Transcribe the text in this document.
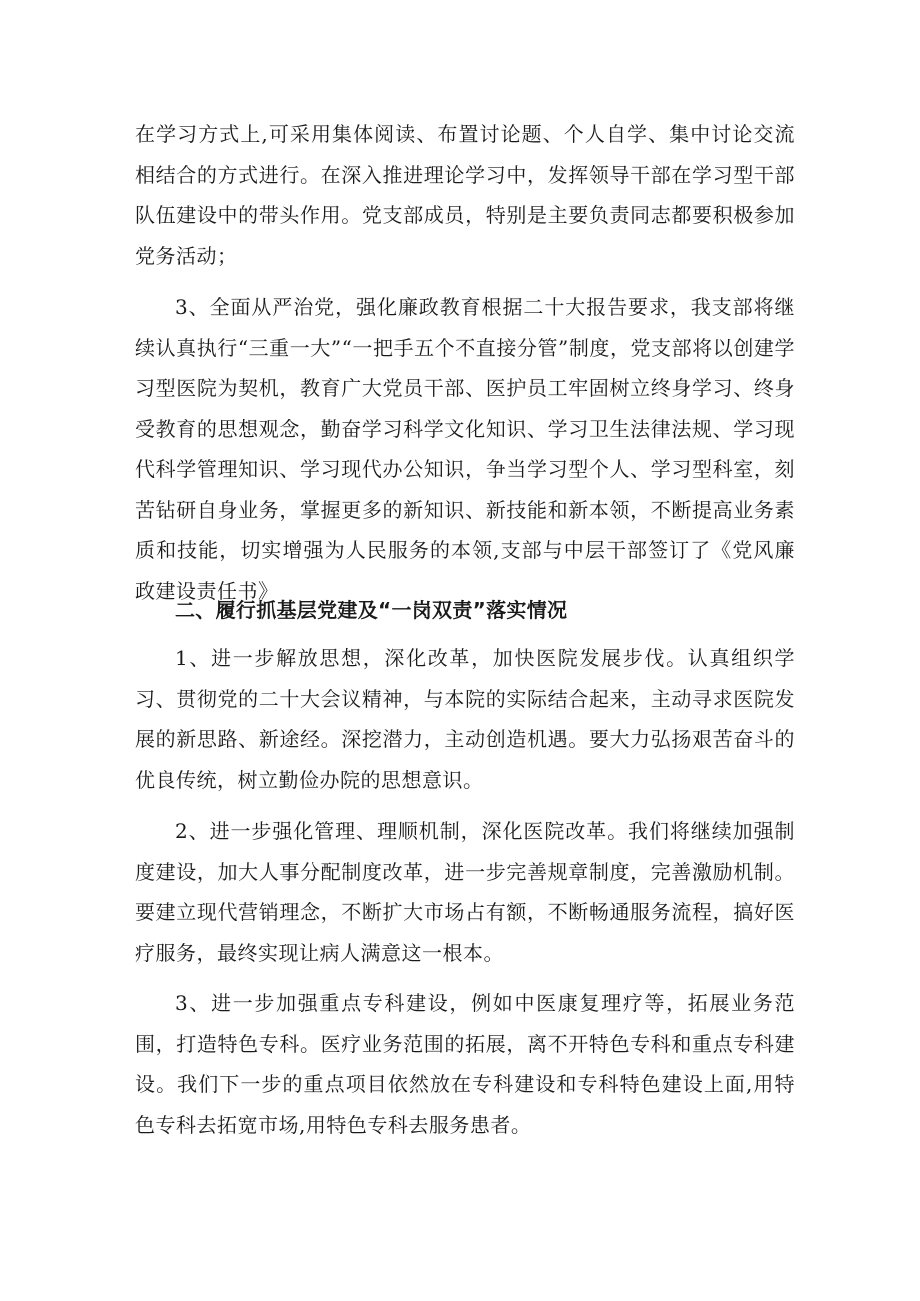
在学习方式上,可采用集体阅读、布置讨论题、个人自学、集中讨论交流相结合的方式进行。在深入推进理论学习中，发挥领导干部在学习型干部队伍建设中的带头作用。党支部成员，特别是主要负责同志都要积极参加党务活动；

3、全面从严治党，强化廉政教育根据二十大报告要求，我支部将继续认真执行“三重一大”“一把手五个不直接分管”制度，党支部将以创建学习型医院为契机，教育广大党员干部、医护员工牢固树立终身学习、终身受教育的思想观念，勤奋学习科学文化知识、学习卫生法律法规、学习现代科学管理知识、学习现代办公知识，争当学习型个人、学习型科室，刻苦钻研自身业务，掌握更多的新知识、新技能和新本领，不断提高业务素质和技能，切实增强为人民服务的本领,支部与中层干部签订了《党风廉政建设责任书》

二、履行抓基层党建及“一岗双责”落实情况

1、进一步解放思想，深化改革，加快医院发展步伐。认真组织学习、贯彻党的二十大会议精神，与本院的实际结合起来，主动寻求医院发展的新思路、新途经。深挖潜力，主动创造机遇。要大力弘扬艰苦奋斗的优良传统，树立勤俭办院的思想意识。

2、进一步强化管理、理顺机制，深化医院改革。我们将继续加强制度建设，加大人事分配制度改革，进一步完善规章制度，完善激励机制。要建立现代营销理念，不断扩大市场占有额，不断畅通服务流程，搞好医疗服务，最终实现让病人满意这一根本。

3、进一步加强重点专科建设，例如中医康复理疗等，拓展业务范围，打造特色专科。医疗业务范围的拓展，离不开特色专科和重点专科建设。我们下一步的重点项目依然放在专科建设和专科特色建设上面,用特色专科去拓宽市场,用特色专科去服务患者。
